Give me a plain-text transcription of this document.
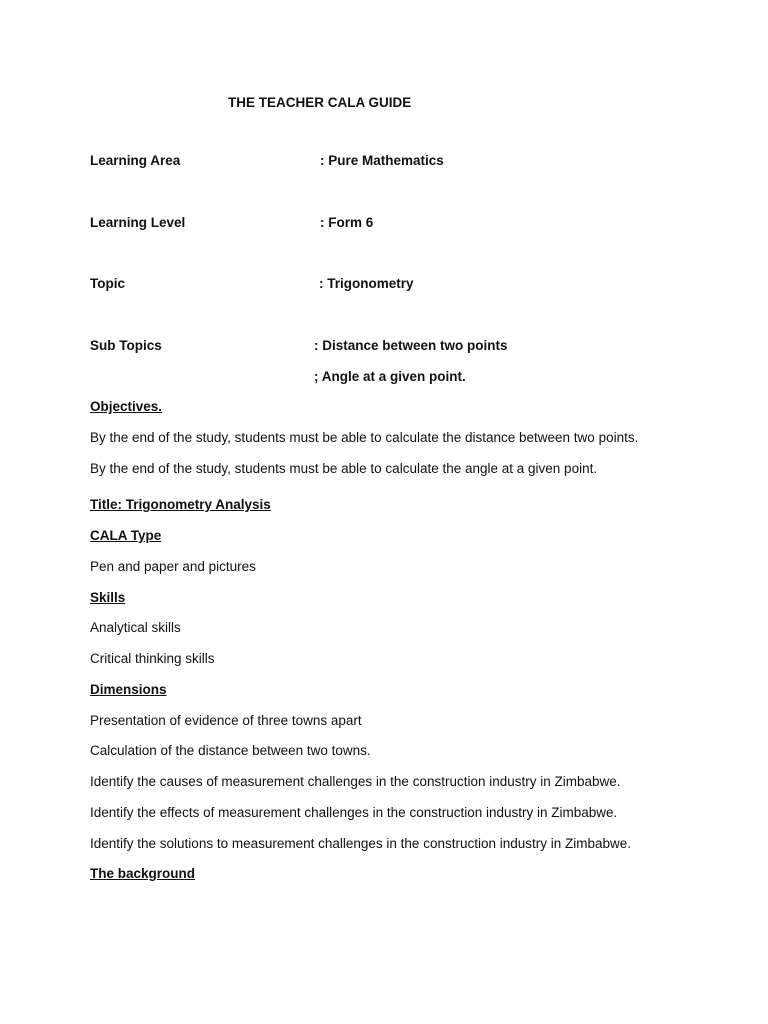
THE TEACHER CALA GUIDE
Learning Area	: Pure Mathematics
Learning Level	: Form 6
Topic	: Trigonometry
Sub Topics	: Distance between two points
; Angle at a given point.
Objectives.
By the end of the study, students must be able to calculate the distance between two points.
By the end of the study, students must be able to calculate the angle at a given point.
Title: Trigonometry Analysis
CALA Type
Pen and paper and pictures
Skills
Analytical skills
Critical thinking skills
Dimensions
Presentation of evidence of three towns apart
Calculation of the distance between two towns.
Identify the causes of measurement challenges in the construction industry in Zimbabwe.
Identify the effects of measurement challenges in the construction industry in Zimbabwe.
Identify the solutions to measurement challenges in the construction industry in Zimbabwe.
The background
